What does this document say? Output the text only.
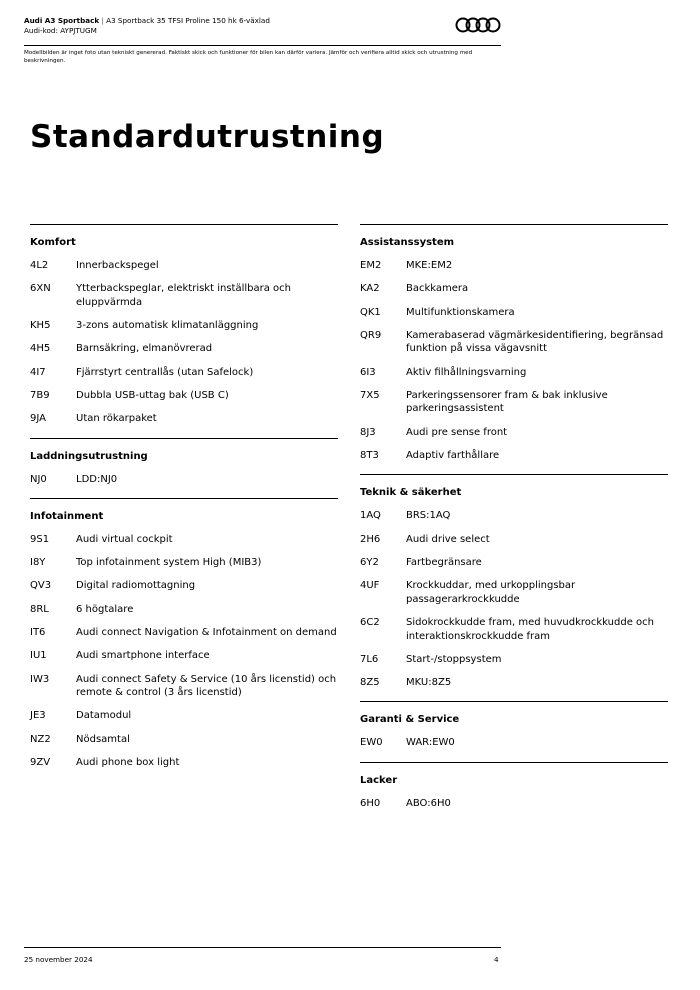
Audi A3 Sportback | A3 Sportback 35 TFSI Proline 150 hk 6-växlad
Audi-kod: AYPJTUGM
Modellbilden är inget foto utan tekniskt genererad. Faktiskt skick och funktioner för bilen kan därför variera. Jämför och verifiera alltid skick och utrustning med beskrivningen.
Standardutrustning
Komfort
4L2	Innerbackspegel
6XN	Ytterbackspeglar, elektriskt inställbara och eluppvärmda
KH5	3-zons automatisk klimatanläggning
4H5	Barnsäkring, elmanövrerad
4I7	Fjärrstyrt centrallås (utan Safelock)
7B9	Dubbla USB-uttag bak (USB C)
9JA	Utan rökarpaket
Laddningsutrustning
NJ0	LDD:NJ0
Infotainment
9S1	Audi virtual cockpit
I8Y	Top infotainment system High (MIB3)
QV3	Digital radiomottagning
8RL	6 högtalare
IT6	Audi connect Navigation & Infotainment on demand
IU1	Audi smartphone interface
IW3	Audi connect Safety & Service (10 års licenstid) och remote & control (3 års licenstid)
JE3	Datamodul
NZ2	Nödsamtal
9ZV	Audi phone box light
Assistanssystem
EM2	MKE:EM2
KA2	Backkamera
QK1	Multifunktionskamera
QR9	Kamerabaserad vägmärkesidentifiering, begränsad funktion på vissa vägavsnitt
6I3	Aktiv filhållningsvarning
7X5	Parkeringssensorer fram & bak inklusive parkeringsassistent
8J3	Audi pre sense front
8T3	Adaptiv farthållare
Teknik & säkerhet
1AQ	BRS:1AQ
2H6	Audi drive select
6Y2	Fartbegränsare
4UF	Krockkuddar, med urkopplingsbar passagerarkrockkudde
6C2	Sidokrockkudde fram, med huvudkrockkudde och interaktionskrockkudde fram
7L6	Start-/stoppsystem
8Z5	MKU:8Z5
Garanti & Service
EW0	WAR:EW0
Lacker
6H0	ABO:6H0
25 november 2024	4
